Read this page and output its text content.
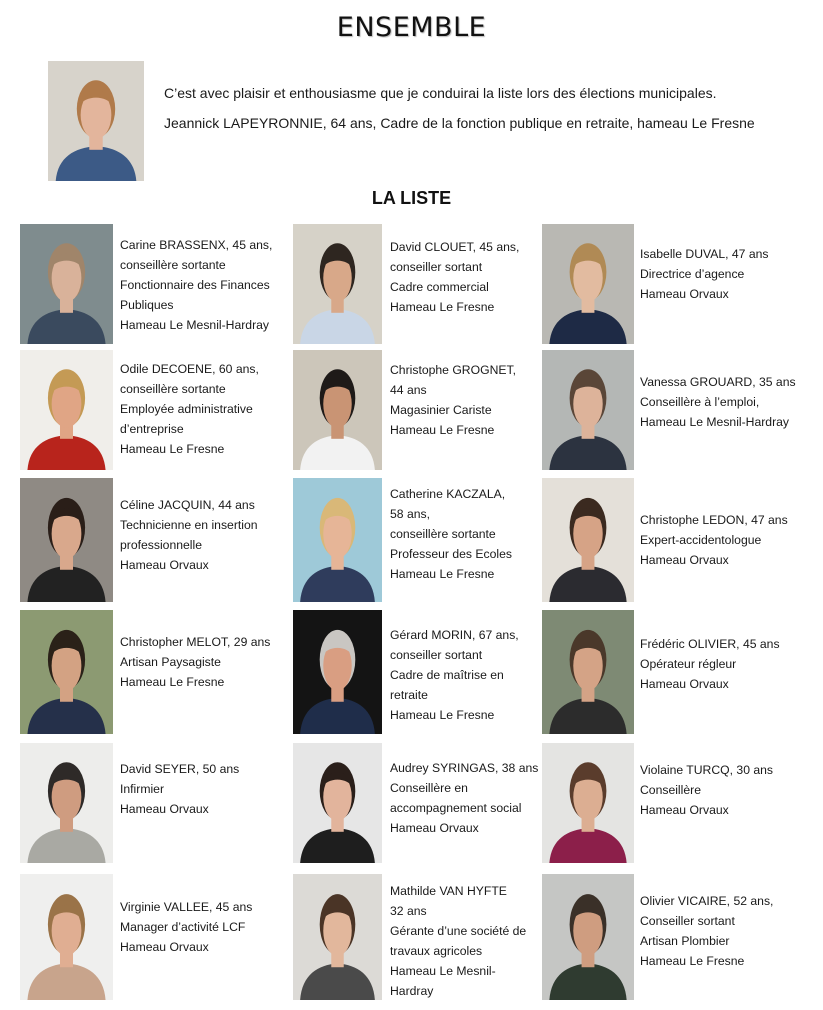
ENSEMBLE

C’est avec plaisir et enthousiasme que je conduirai la liste lors des élections municipales.

Jeannick LAPEYRONNIE, 64 ans, Cadre de la fonction publique en retraite, hameau Le Fresne

LA LISTE
Carine BRASSENX, 45 ans,
conseillère sortante
Fonctionnaire des Finances
Publiques
Hameau Le Mesnil-Hardray
David CLOUET, 45 ans,
conseiller sortant
Cadre commercial
Hameau Le Fresne
Isabelle DUVAL, 47 ans
Directrice d’agence
Hameau Orvaux
Odile DECOENE, 60 ans,
conseillère sortante
Employée administrative
d’entreprise
Hameau Le Fresne
Christophe GROGNET,
44 ans
Magasinier Cariste
Hameau Le Fresne
Vanessa GROUARD, 35 ans
Conseillère à l’emploi,
Hameau Le Mesnil-Hardray
Céline JACQUIN, 44 ans
Technicienne en insertion
professionnelle
Hameau Orvaux
Catherine KACZALA,
58 ans,
conseillère sortante
Professeur des Ecoles
Hameau Le Fresne
Christophe LEDON, 47 ans
Expert-accidentologue
Hameau Orvaux
Christopher MELOT, 29 ans
Artisan Paysagiste
Hameau Le Fresne
Gérard MORIN, 67 ans,
conseiller sortant
Cadre de maîtrise en
retraite
Hameau Le Fresne
Frédéric OLIVIER, 45 ans
Opérateur régleur
Hameau Orvaux
David SEYER, 50 ans
Infirmier
Hameau Orvaux
Audrey SYRINGAS, 38 ans
Conseillère en
accompagnement social
Hameau Orvaux
Violaine TURCQ, 30 ans
Conseillère
Hameau Orvaux
Virginie VALLEE, 45 ans
Manager d’activité LCF
Hameau Orvaux
Mathilde VAN HYFTE
32 ans
Gérante d’une société de
travaux agricoles
Hameau Le Mesnil-
Hardray
Olivier VICAIRE, 52 ans,
Conseiller sortant
Artisan Plombier
Hameau Le Fresne
